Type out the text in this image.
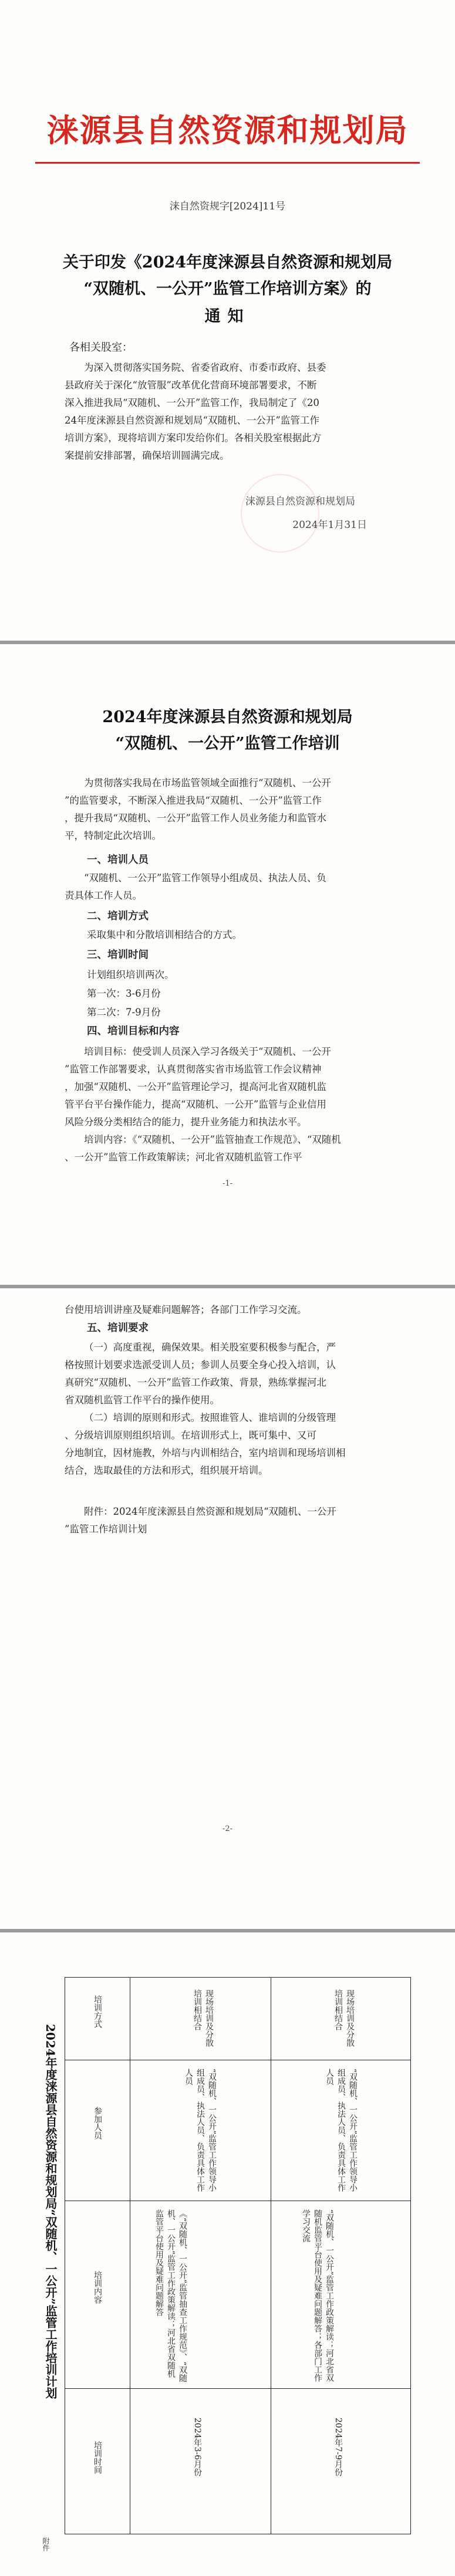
涞源县自然资源和规划局
涞自然资规字[2024]11号
关于印发《2024年度涞源县自然资源和规划局
“双随机、一公开”监管工作培训方案》的
通知
各相关股室：
为深入贯彻落实国务院、省委省政府、市委市政府、县委
县政府关于深化“放管服”改革优化营商环境部署要求，不断
深入推进我局“双随机、一公开”监管工作，我局制定了《20
24年度涞源县自然资源和规划局“双随机、一公开”监管工作
培训方案》，现将培训方案印发给你们。各相关股室根据此方
案提前安排部署，确保培训圆满完成。
涞源县自然资源和规划局
2024年1月31日
2024年度涞源县自然资源和规划局
“双随机、一公开”监管工作培训
为贯彻落实我局在市场监管领域全面推行“双随机、一公开
”的监管要求，不断深入推进我局“双随机、一公开”监管工作
，提升我局“双随机、一公开”监管工作人员业务能力和监管水
平，特制定此次培训。
一、培训人员
“双随机、一公开”监管工作领导小组成员、执法人员、负
责具体工作人员。
二、培训方式
采取集中和分散培训相结合的方式。
三、培训时间
计划组织培训两次。
第一次：3-6月份
第二次：7-9月份
四、培训目标和内容
培训目标：使受训人员深入学习各级关于“双随机、一公开
”监管工作部署要求，认真贯彻落实省市场监管工作会议精神
，加强“双随机、一公开”监管理论学习，提高河北省双随机监
管平台平台操作能力，提高“双随机、一公开”监管与企业信用
风险分级分类相结合的能力，提升业务能力和执法水平。
培训内容：《“双随机、一公开”监管抽查工作规范》、“双随机
、一公开”监管工作政策解读；河北省双随机监管工作平
-1-
台使用培训讲座及疑难问题解答；各部门工作学习交流。
五、培训要求
（一）高度重视，确保效果。相关股室要积极参与配合，严
格按照计划要求选派受训人员；参训人员要全身心投入培训，认
真研究“双随机、一公开”监管工作政策、背景，熟练掌握河北
省双随机监管工作平台的操作使用。
（二）培训的原则和形式。按照谁管人、谁培训的分级管理
、分级培训原则组织培训。在培训形式上，既可集中、又可
分地制宜，因材施教，外培与内训相结合，室内培训和现场培训相
结合，选取最佳的方法和形式，组织展开培训。
附件：2024年度涞源县自然资源和规划局“双随机、一公开
”监管工作培训计划
-2-
2024年度涞源县自然资源和规划局“双随机、一公开”监管工作培训计划
培训方式
参加人员
培训内容
培训时间
现场培训及分散培训相结合
“双随机、一公开”监管工作领导小组成员、执法人员、负责具体工作人员
《“双随机、一公开”监管抽查工作规范》、“双随机、一公开”监管工作政策解读；河北省双随机监管平台使用及疑难问题解答
2024年3-6月份
现场培训及分散培训相结合
“双随机、一公开”监管工作领导小组成员、执法人员、负责具体工作人员
“双随机、一公开”监管工作政策解读；河北省双随机监管平台使用及疑难问题解答；各部门工作学习交流
2024年7-9月份
附件
